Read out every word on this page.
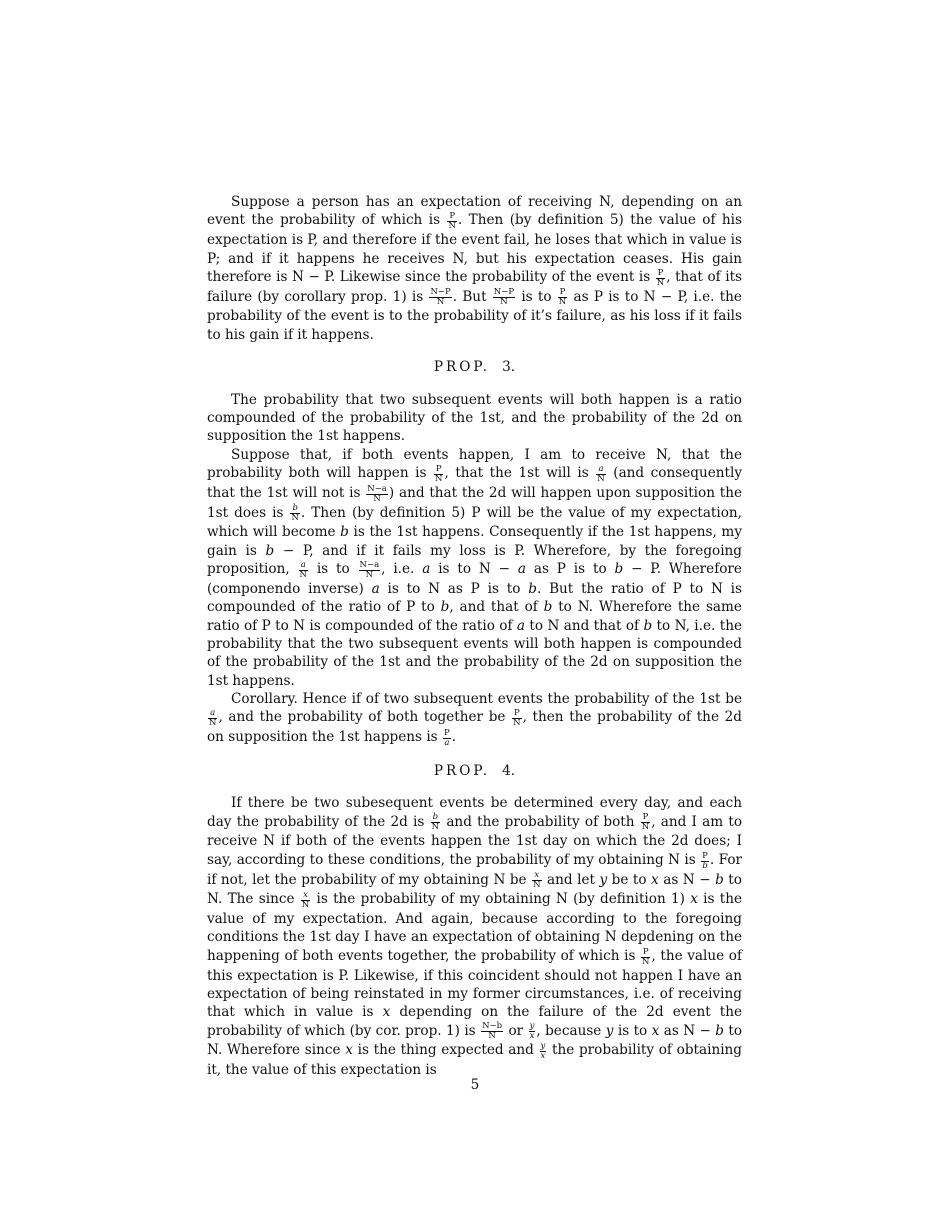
Suppose a person has an expectation of receiving N, depending on an event the probability of which is $\frac{P}{N}$ . Then (by definition 5) the value of his expectation is P, and therefore if the event fail, he loses that which in value is P; and if it happens he receives N, but his expectation ceases. His gain therefore is N − P. Likewise since the probability of the event is $\frac{P}{N}$ , that of its failure (by corollary prop. 1) is $\frac{N-P}{N}$ . But $\frac{N-P}{N}$ is to $\frac{P}{N}$ as P is to N − P, i.e. the probability of the event is to the probability of it’s failure, as his loss if it fails to his gain if it happens.

PROP. 3.

The probability that two subsequent events will both happen is a ratio compounded of the probability of the 1st, and the probability of the 2d on supposition the 1st happens.

Suppose that, if both events happen, I am to receive N, that the probability both will happen is $\frac{P}{N}$ , that the 1st will is $\frac{a}{N} (and$ consequently that the 1st will not is $\frac{N-a}{N}$ ) and that the 2d will happen upon supposition the 1st does is $\frac{b}{N}$ . Then (by definition 5) P will be the value of my expectation, which will become b is the 1st happens. Consequently if the 1st happens, my gain is b − P, and if it fails my loss is P. Wherefore, by the foregoing proposition, $\frac{a}{N}$ is to $\frac{N-a}{N}$ , i.e. a is to N − a as P is to b − P. Wherefore (componendo inverse) a is to N as P is to b. But the ratio of P to N is compounded of the ratio of P to b, and that of b to N. Wherefore the same ratio of P to N is compounded of the ratio of a to N and that of b to N, i.e. the probability that the two subsequent events will both happen is compounded of the probability of the 1st and the probability of the 2d on supposition the 1st happens.

Corollary. Hence if of two subsequent events the probability of the 1st be
$\frac{a}{N}$ , and the probability of both together be $\frac{P}{N}$ , then the probability of the 2d on supposition the 1st happens is $\frac{P}{a}$ .

PROP. 4.

If there be two subesequent events be determined every day, and each day the probability of the 2d is $\frac{b}{N}$ and the probability of both $\frac{P}{N}$ , and I am to receive N if both of the events happen the 1st day on which the 2d does; I say, according to these conditions, the probability of my obtaining N is $\frac{P}{b}$ . For if not, let the probability of my obtaining N be $\frac{x}{N}$ and let y be to x as N − b to N. The since $\frac{x}{N}$ is the probability of my obtaining N (by definition 1) x is the value of my expectation. And again, because according to the foregoing conditions the 1st day I have an expectation of obtaining N depdening on the happening of both events together, the probability of which is $\frac{P}{N}$ , the value of this expectation is P. Likewise, if this coincident should not happen I have an expectation of being reinstated in my former circumstances, i.e. of receiving that which in value is x depending on the failure of the 2d event the probability of which (by cor. prop. 1) is $\frac{N-b}{N}$ or $\frac{y}{x}$ , because y is to x as N − b to N. Wherefore since x is the thing expected and $\frac{y}{x}$ the probability of obtaining it, the value of this expectation is

5
